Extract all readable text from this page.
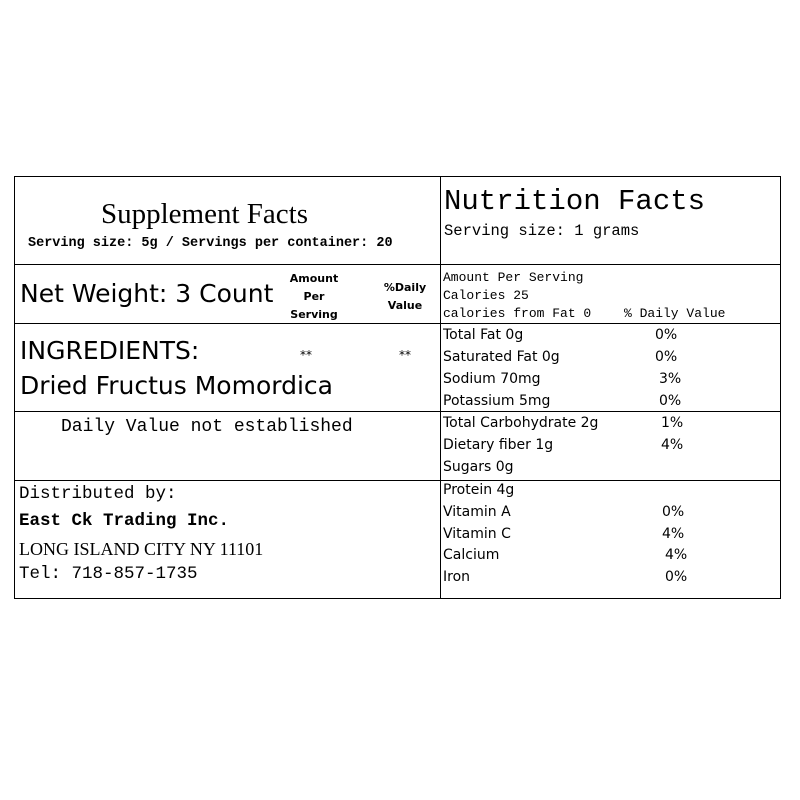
Supplement Facts
Serving size: 5g / Servings per container: 20
Net Weight: 3 Count
Amount
Per
Serving
%Daily
Value
INGREDIENTS:
Dried Fructus Momordica
**	**
Daily Value not established
Distributed by:
East Ck Trading Inc.
LONG ISLAND CITY NY 11101
Tel: 718-857-1735
Nutrition Facts
Serving size: 1 grams
Amount Per Serving
Calories 25
calories from Fat 0	% Daily Value
Total Fat 0g	0%
Saturated Fat 0g	0%
Sodium 70mg	3%
Potassium 5mg	0%
Total Carbohydrate 2g	1%
Dietary fiber 1g	4%
Sugars 0g
Protein 4g
Vitamin A	0%
Vitamin C	4%
Calcium	4%
Iron	0%
